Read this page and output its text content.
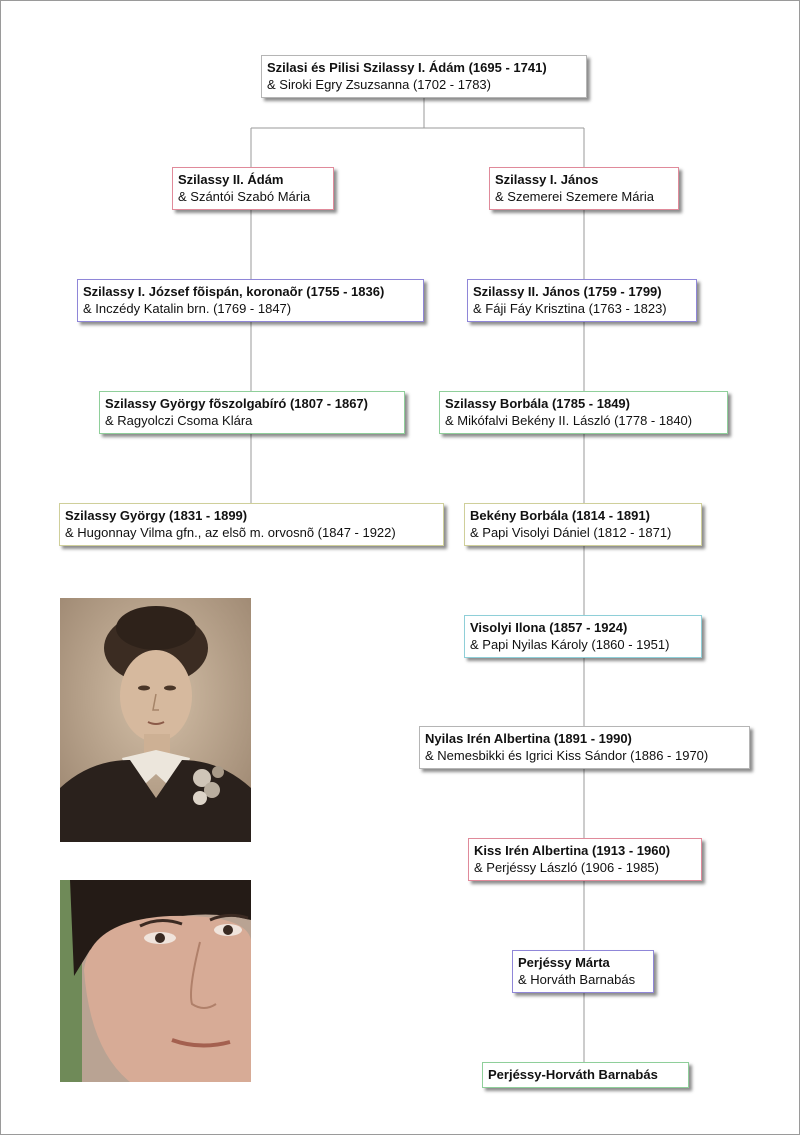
Szilasi és Pilisi Szilassy I. Ádám (1695 - 1741)
& Siroki Egry Zsuzsanna (1702 - 1783)
Szilassy II. Ádám
& Szántói Szabó Mária
Szilassy I. József fõispán, koronaõr (1755 - 1836)
& Inczédy Katalin brn. (1769 - 1847)
Szilassy György fõszolgabíró (1807 - 1867)
& Ragyolczi Csoma Klára
Szilassy György (1831 - 1899)
& Hugonnay Vilma gfn., az elsõ m. orvosnõ (1847 - 1922)
Szilassy I. János
& Szemerei Szemere Mária
Szilassy II. János (1759 - 1799)
& Fáji Fáy Krisztina (1763 - 1823)
Szilassy Borbála (1785 - 1849)
& Mikófalvi Bekény II. László (1778 - 1840)
Bekény Borbála (1814 - 1891)
& Papi Visolyi Dániel (1812 - 1871)
Visolyi Ilona (1857 - 1924)
& Papi Nyilas Károly (1860 - 1951)
Nyilas Irén Albertina (1891 - 1990)
& Nemesbikki és Igrici Kiss Sándor (1886 - 1970)
Kiss Irén Albertina (1913 - 1960)
& Perjéssy László (1906 - 1985)
Perjéssy Márta
& Horváth Barnabás
Perjéssy-Horváth Barnabás
